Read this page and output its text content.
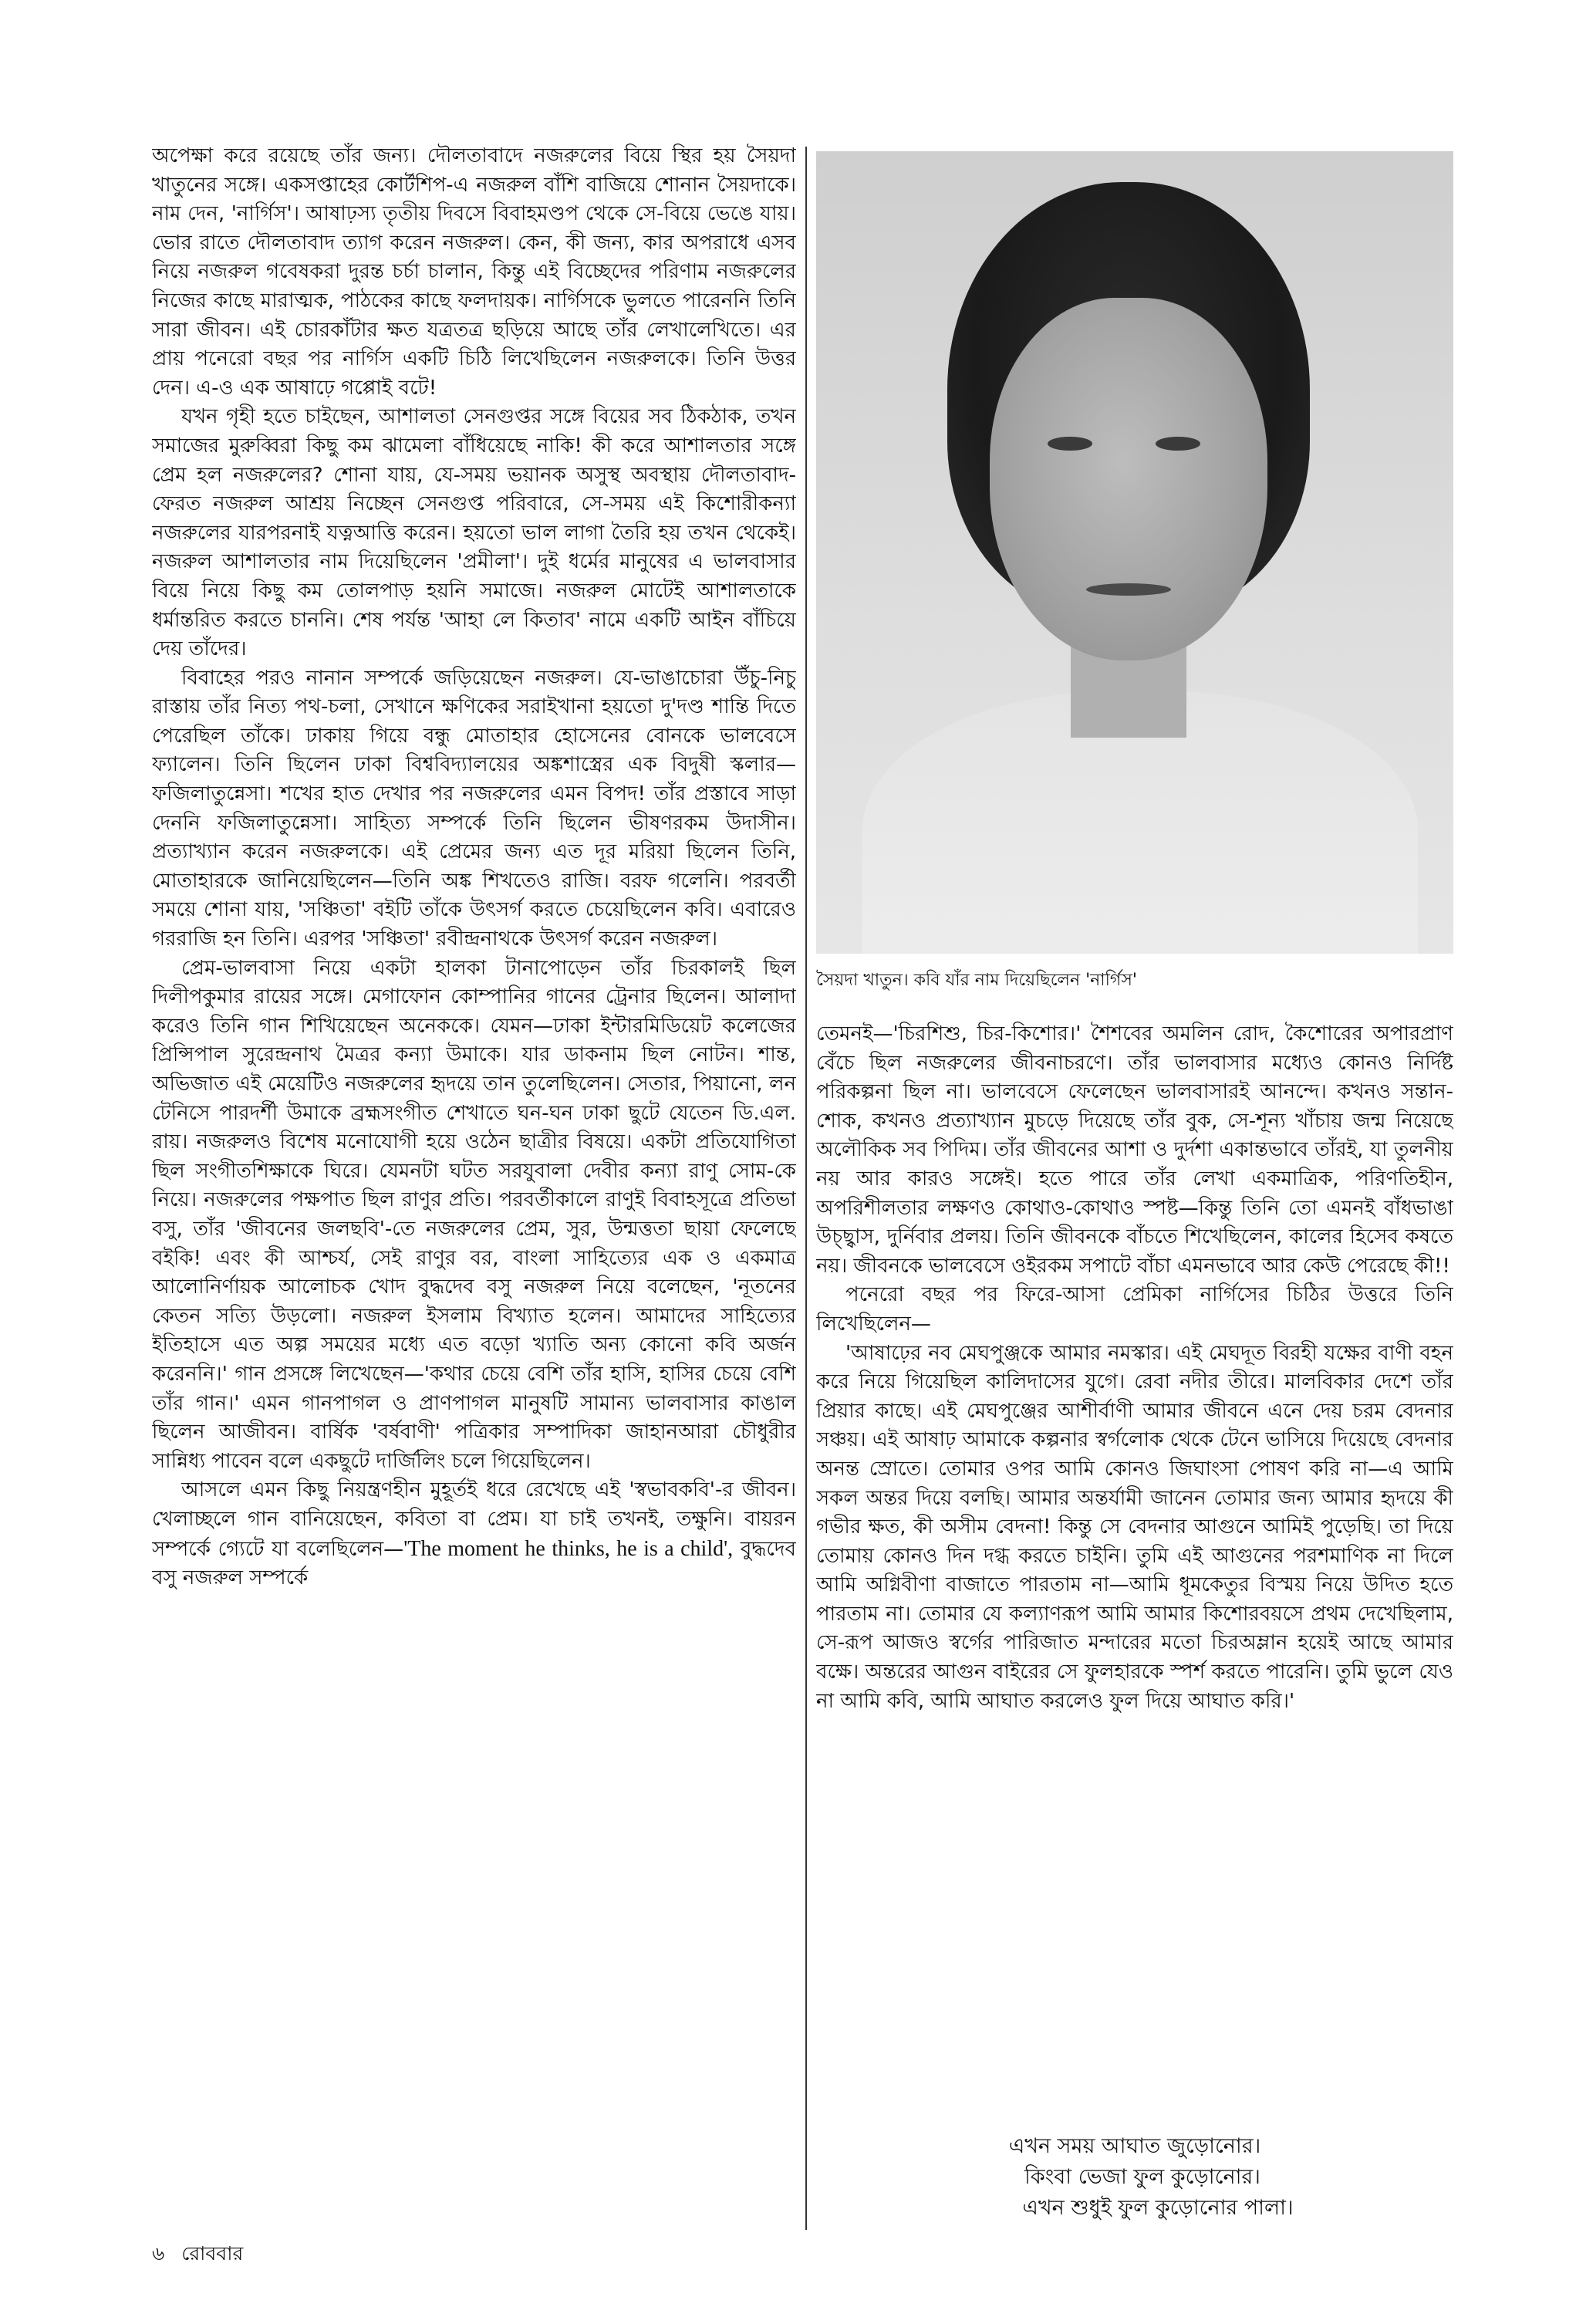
অপেক্ষা করে রয়েছে তাঁর জন্য। দৌলতাবাদে নজরুলের বিয়ে স্থির হয় সৈয়দা খাতুনের সঙ্গে। একসপ্তাহের কোর্টশিপ-এ নজরুল বাঁশি বাজিয়ে শোনান সৈয়দাকে। নাম দেন, 'নার্গিস'। আষাঢ়স্য তৃতীয় দিবসে বিবাহমণ্ডপ থেকে সে-বিয়ে ভেঙে যায়। ভোর রাতে দৌলতাবাদ ত্যাগ করেন নজরুল। কেন, কী জন্য, কার অপরাধে এসব নিয়ে নজরুল গবেষকরা দুরন্ত চর্চা চালান, কিন্তু এই বিচ্ছেদের পরিণাম নজরুলের নিজের কাছে মারাত্মক, পাঠকের কাছে ফলদায়ক। নার্গিসকে ভুলতে পারেননি তিনি সারা জীবন। এই চোরকাঁটার ক্ষত যত্রতত্র ছড়িয়ে আছে তাঁর লেখালেখিতে। এর প্রায় পনেরো বছর পর নার্গিস একটি চিঠি লিখেছিলেন নজরুলকে। তিনি উত্তর দেন। এ-ও এক আষাঢ়ে গপ্পোই বটে!

যখন গৃহী হতে চাইছেন, আশালতা সেনগুপ্তর সঙ্গে বিয়ের সব ঠিকঠাক, তখন সমাজের মুরুব্বিরা কিছু কম ঝামেলা বাঁধিয়েছে নাকি! কী করে আশালতার সঙ্গে প্রেম হল নজরুলের? শোনা যায়, যে-সময় ভয়ানক অসুস্থ অবস্থায় দৌলতাবাদ-ফেরত নজরুল আশ্রয় নিচ্ছেন সেনগুপ্ত পরিবারে, সে-সময় এই কিশোরীকন্যা নজরুলের যারপরনাই যত্নআত্তি করেন। হয়তো ভাল লাগা তৈরি হয় তখন থেকেই। নজরুল আশালতার নাম দিয়েছিলেন 'প্রমীলা'। দুই ধর্মের মানুষের এ ভালবাসার বিয়ে নিয়ে কিছু কম তোলপাড় হয়নি সমাজে। নজরুল মোটেই আশালতাকে ধর্মান্তরিত করতে চাননি। শেষ পর্যন্ত 'আহা লে কিতাব' নামে একটি আইন বাঁচিয়ে দেয় তাঁদের।

বিবাহের পরও নানান সম্পর্কে জড়িয়েছেন নজরুল। যে-ভাঙাচোরা উঁচু-নিচু রাস্তায় তাঁর নিত্য পথ-চলা, সেখানে ক্ষণিকের সরাইখানা হয়তো দু'দণ্ড শান্তি দিতে পেরেছিল তাঁকে। ঢাকায় গিয়ে বন্ধু মোতাহার হোসেনের বোনকে ভালবেসে ফ্যালেন। তিনি ছিলেন ঢাকা বিশ্ববিদ্যালয়ের অঙ্কশাস্ত্রের এক বিদুষী স্কলার—ফজিলাতুন্নেসা। শখের হাত দেখার পর নজরুলের এমন বিপদ! তাঁর প্রস্তাবে সাড়া দেননি ফজিলাতুন্নেসা। সাহিত্য সম্পর্কে তিনি ছিলেন ভীষণরকম উদাসীন। প্রত্যাখ্যান করেন নজরুলকে। এই প্রেমের জন্য এত দূর মরিয়া ছিলেন তিনি, মোতাহারকে জানিয়েছিলেন—তিনি অঙ্ক শিখতেও রাজি। বরফ গলেনি। পরবর্তী সময়ে শোনা যায়, 'সঞ্চিতা' বইটি তাঁকে উৎসর্গ করতে চেয়েছিলেন কবি। এবারেও গররাজি হন তিনি। এরপর 'সঞ্চিতা' রবীন্দ্রনাথকে উৎসর্গ করেন নজরুল।

প্রেম-ভালবাসা নিয়ে একটা হালকা টানাপোড়েন তাঁর চিরকালই ছিল দিলীপকুমার রায়ের সঙ্গে। মেগাফোন কোম্পানির গানের ট্রেনার ছিলেন। আলাদা করেও তিনি গান শিখিয়েছেন অনেককে। যেমন—ঢাকা ইন্টারমিডিয়েট কলেজের প্রিন্সিপাল সুরেন্দ্রনাথ মৈত্রর কন্যা উমাকে। যার ডাকনাম ছিল নোটন। শান্ত, অভিজাত এই মেয়েটিও নজরুলের হৃদয়ে তান তুলেছিলেন। সেতার, পিয়ানো, লন টেনিসে পারদর্শী উমাকে ব্রহ্মসংগীত শেখাতে ঘন-ঘন ঢাকা ছুটে যেতেন ডি.এল. রায়। নজরুলও বিশেষ মনোযোগী হয়ে ওঠেন ছাত্রীর বিষয়ে। একটা প্রতিযোগিতা ছিল সংগীতশিক্ষাকে ঘিরে। যেমনটা ঘটত সরযুবালা দেবীর কন্যা রাণু সোম-কে নিয়ে। নজরুলের পক্ষপাত ছিল রাণুর প্রতি। পরবর্তীকালে রাণুই বিবাহসূত্রে প্রতিভা বসু, তাঁর 'জীবনের জলছবি'-তে নজরুলের প্রেম, সুর, উন্মত্ততা ছায়া ফেলেছে বইকি! এবং কী আশ্চর্য, সেই রাণুর বর, বাংলা সাহিত্যের এক ও একমাত্র আলোনির্ণায়ক আলোচক খোদ বুদ্ধদেব বসু নজরুল নিয়ে বলেছেন, 'নূতনের কেতন সত্যি উড়লো। নজরুল ইসলাম বিখ্যাত হলেন। আমাদের সাহিত্যের ইতিহাসে এত অল্প সময়ের মধ্যে এত বড়ো খ্যাতি অন্য কোনো কবি অর্জন করেননি।' গান প্রসঙ্গে লিখেছেন—'কথার চেয়ে বেশি তাঁর হাসি, হাসির চেয়ে বেশি তাঁর গান।' এমন গানপাগল ও প্রাণপাগল মানুষটি সামান্য ভালবাসার কাঙাল ছিলেন আজীবন। বার্ষিক 'বর্ষবাণী' পত্রিকার সম্পাদিকা জাহানআরা চৌধুরীর সান্নিধ্য পাবেন বলে একছুটে দার্জিলিং চলে গিয়েছিলেন।

আসলে এমন কিছু নিয়ন্ত্রণহীন মুহূর্তই ধরে রেখেছে এই 'স্বভাবকবি'-র জীবন। খেলাচ্ছলে গান বানিয়েছেন, কবিতা বা প্রেম। যা চাই তখনই, তক্ষুনি। বায়রন সম্পর্কে গ্যেটে যা বলেছিলেন—'The moment he thinks, he is a child', বুদ্ধদেব বসু নজরুল সম্পর্কে

সৈয়দা খাতুন। কবি যাঁর নাম দিয়েছিলেন 'নার্গিস'

তেমনই—'চিরশিশু, চির-কিশোর।' শৈশবের অমলিন রোদ, কৈশোরের অপারপ্রাণ বেঁচে ছিল নজরুলের জীবনাচরণে। তাঁর ভালবাসার মধ্যেও কোনও নির্দিষ্ট পরিকল্পনা ছিল না। ভালবেসে ফেলেছেন ভালবাসারই আনন্দে। কখনও সন্তান-শোক, কখনও প্রত্যাখ্যান মুচড়ে দিয়েছে তাঁর বুক, সে-শূন্য খাঁচায় জন্ম নিয়েছে অলৌকিক সব পিদিম। তাঁর জীবনের আশা ও দুর্দশা একান্তভাবে তাঁরই, যা তুলনীয় নয় আর কারও সঙ্গেই। হতে পারে তাঁর লেখা একমাত্রিক, পরিণতিহীন, অপরিশীলতার লক্ষণও কোথাও-কোথাও স্পষ্ট—কিন্তু তিনি তো এমনই বাঁধভাঙা উচ্ছ্বাস, দুর্নিবার প্রলয়। তিনি জীবনকে বাঁচতে শিখেছিলেন, কালের হিসেব কষতে নয়। জীবনকে ভালবেসে ওইরকম সপাটে বাঁচা এমনভাবে আর কেউ পেরেছে কী!!

পনেরো বছর পর ফিরে-আসা প্রেমিকা নার্গিসের চিঠির উত্তরে তিনি লিখেছিলেন—

'আষাঢ়ের নব মেঘপুঞ্জকে আমার নমস্কার। এই মেঘদূত বিরহী যক্ষের বাণী বহন করে নিয়ে গিয়েছিল কালিদাসের যুগে। রেবা নদীর তীরে। মালবিকার দেশে তাঁর প্রিয়ার কাছে। এই মেঘপুঞ্জের আশীর্বাণী আমার জীবনে এনে দেয় চরম বেদনার সঞ্চয়। এই আষাঢ় আমাকে কল্পনার স্বর্গলোক থেকে টেনে ভাসিয়ে দিয়েছে বেদনার অনন্ত স্রোতে। তোমার ওপর আমি কোনও জিঘাংসা পোষণ করি না—এ আমি সকল অন্তর দিয়ে বলছি। আমার অন্তর্যামী জানেন তোমার জন্য আমার হৃদয়ে কী গভীর ক্ষত, কী অসীম বেদনা! কিন্তু সে বেদনার আগুনে আমিই পুড়েছি। তা দিয়ে তোমায় কোনও দিন দগ্ধ করতে চাইনি। তুমি এই আগুনের পরশমাণিক না দিলে আমি অগ্নিবীণা বাজাতে পারতাম না—আমি ধূমকেতুর বিস্ময় নিয়ে উদিত হতে পারতাম না। তোমার যে কল্যাণরূপ আমি আমার কিশোরবয়সে প্রথম দেখেছিলাম, সে-রূপ আজও স্বর্গের পারিজাত মন্দারের মতো চিরঅম্লান হয়েই আছে আমার বক্ষে। অন্তরের আগুন বাইরের সে ফুলহারকে স্পর্শ করতে পারেনি। তুমি ভুলে যেও না আমি কবি, আমি আঘাত করলেও ফুল দিয়ে আঘাত করি।'

এখন সময় আঘাত জুড়োনোর।
কিংবা ভেজা ফুল কুড়োনোর।
এখন শুধুই ফুল কুড়োনোর পালা।
৬ রোববার
